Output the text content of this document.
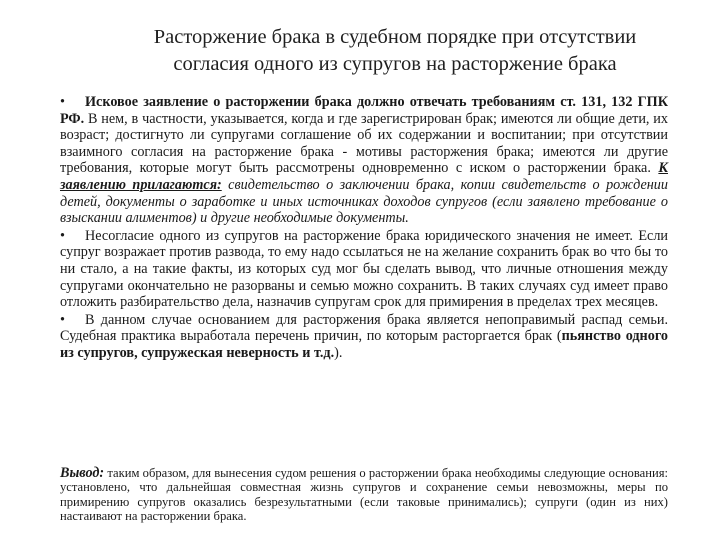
Расторжение брака в судебном порядке при отсутствии
согласия одного из супругов на расторжение брака

• Исковое заявление о расторжении брака должно отвечать требованиям ст. 131, 132 ГПК РФ. В нем, в частности, указывается, когда и где зарегистрирован брак; имеются ли общие дети, их возраст; достигнуто ли супругами соглашение об их содержании и воспитании; при отсутствии взаимного согласия на расторжение брака - мотивы расторжения брака; имеются ли другие требования, которые могут быть рассмотрены одновременно с иском о расторжении брака. К заявлению прилагаются: свидетельство о заключении брака, копии свидетельств о рождении детей, документы о заработке и иных источниках доходов супругов (если заявлено требование о взыскании алиментов) и другие необходимые документы.

• Несогласие одного из супругов на расторжение брака юридического значения не имеет. Если супруг возражает против развода, то ему надо ссылаться не на желание сохранить брак во что бы то ни стало, а на такие факты, из которых суд мог бы сделать вывод, что личные отношения между супругами окончательно не разорваны и семью можно сохранить. В таких случаях суд имеет право отложить разбирательство дела, назначив супругам срок для примирения в пределах трех месяцев.

• В данном случае основанием для расторжения брака является непоправимый распад семьи. Судебная практика выработала перечень причин, по которым расторгается брак (пьянство одного из супругов, супружеская неверность и т.д.).

Вывод: таким образом, для вынесения судом решения о расторжении брака необходимы следующие основания: установлено, что дальнейшая совместная жизнь супругов и сохранение семьи невозможны, меры по примирению супругов оказались безрезультатными (если таковые принимались); супруги (один из них) настаивают на расторжении брака.
